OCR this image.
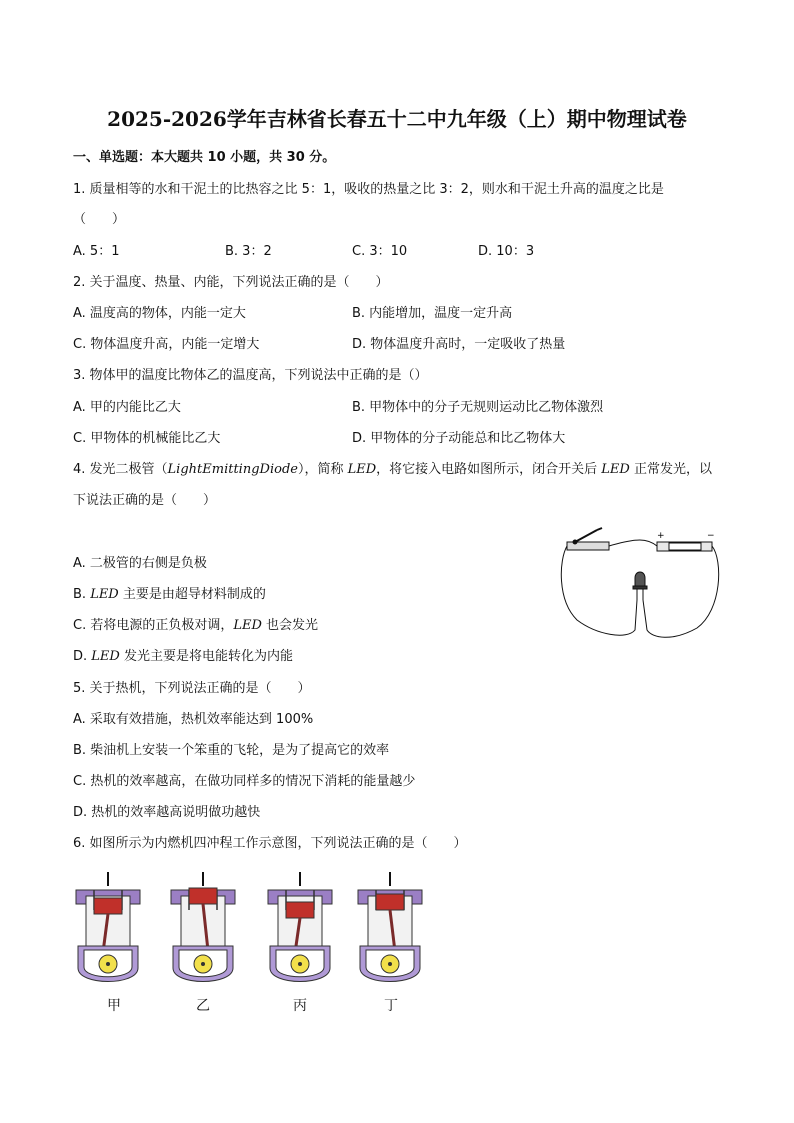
2025-2026学年吉林省长春五十二中九年级（上）期中物理试卷
一、单选题：本大题共 10 小题，共 30 分。
1. 质量相等的水和干泥土的比热容之比 5：1，吸收的热量之比 3：2，则水和干泥土升高的温度之比是
（　　）
A. 5：1	B. 3：2	C. 3：10	D. 10：3
2. 关于温度、热量、内能，下列说法正确的是（　　）
A. 温度高的物体，内能一定大	B. 内能增加，温度一定升高
C. 物体温度升高，内能一定增大	D. 物体温度升高时，一定吸收了热量
3. 物体甲的温度比物体乙的温度高，下列说法中正确的是（）
A. 甲的内能比乙大	B. 甲物体中的分子无规则运动比乙物体激烈
C. 甲物体的机械能比乙大	D. 甲物体的分子动能总和比乙物体大
4. 发光二极管（LightEmittingDiode），简称 LED，将它接入电路如图所示，闭合开关后 LED 正常发光，以
下说法正确的是（　　）
A. 二极管的右侧是负极
B. LED 主要是由超导材料制成的
C. 若将电源的正负极对调，LED 也会发光
D. LED 发光主要是将电能转化为内能
+	−
5. 关于热机，下列说法正确的是（　　）
A. 采取有效措施，热机效率能达到 100%
B. 柴油机上安装一个笨重的飞轮，是为了提高它的效率
C. 热机的效率越高，在做功同样多的情况下消耗的能量越少
D. 热机的效率越高说明做功越快
6. 如图所示为内燃机四冲程工作示意图，下列说法正确的是（　　）
甲	乙	丙	丁
